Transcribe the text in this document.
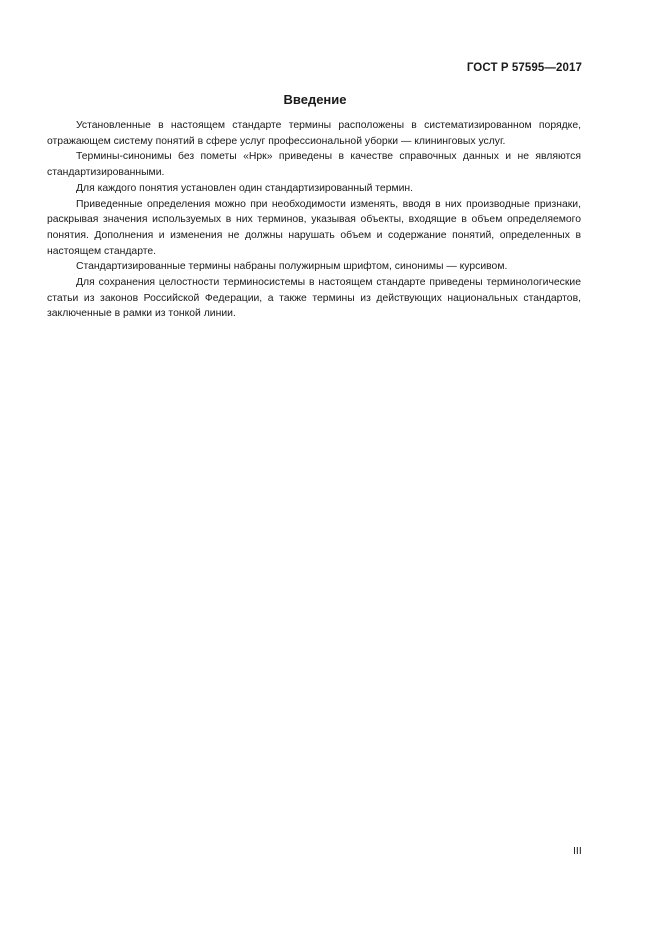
ГОСТ Р 57595—2017
Введение

Установленные в настоящем стандарте термины расположены в систематизированном порядке, отражающем систему понятий в сфере услуг профессиональной уборки — клининговых услуг.

Термины-синонимы без пометы «Нрк» приведены в качестве справочных данных и не являются стандартизированными.

Для каждого понятия установлен один стандартизированный термин.

Приведенные определения можно при необходимости изменять, вводя в них производные признаки, раскрывая значения используемых в них терминов, указывая объекты, входящие в объем определяемого понятия. Дополнения и изменения не должны нарушать объем и содержание понятий, определенных в настоящем стандарте.

Стандартизированные термины набраны полужирным шрифтом, синонимы — курсивом.

Для сохранения целостности терминосистемы в настоящем стандарте приведены терминологические статьи из законов Российской Федерации, а также термины из действующих национальных стандартов, заключенные в рамки из тонкой линии.

III
